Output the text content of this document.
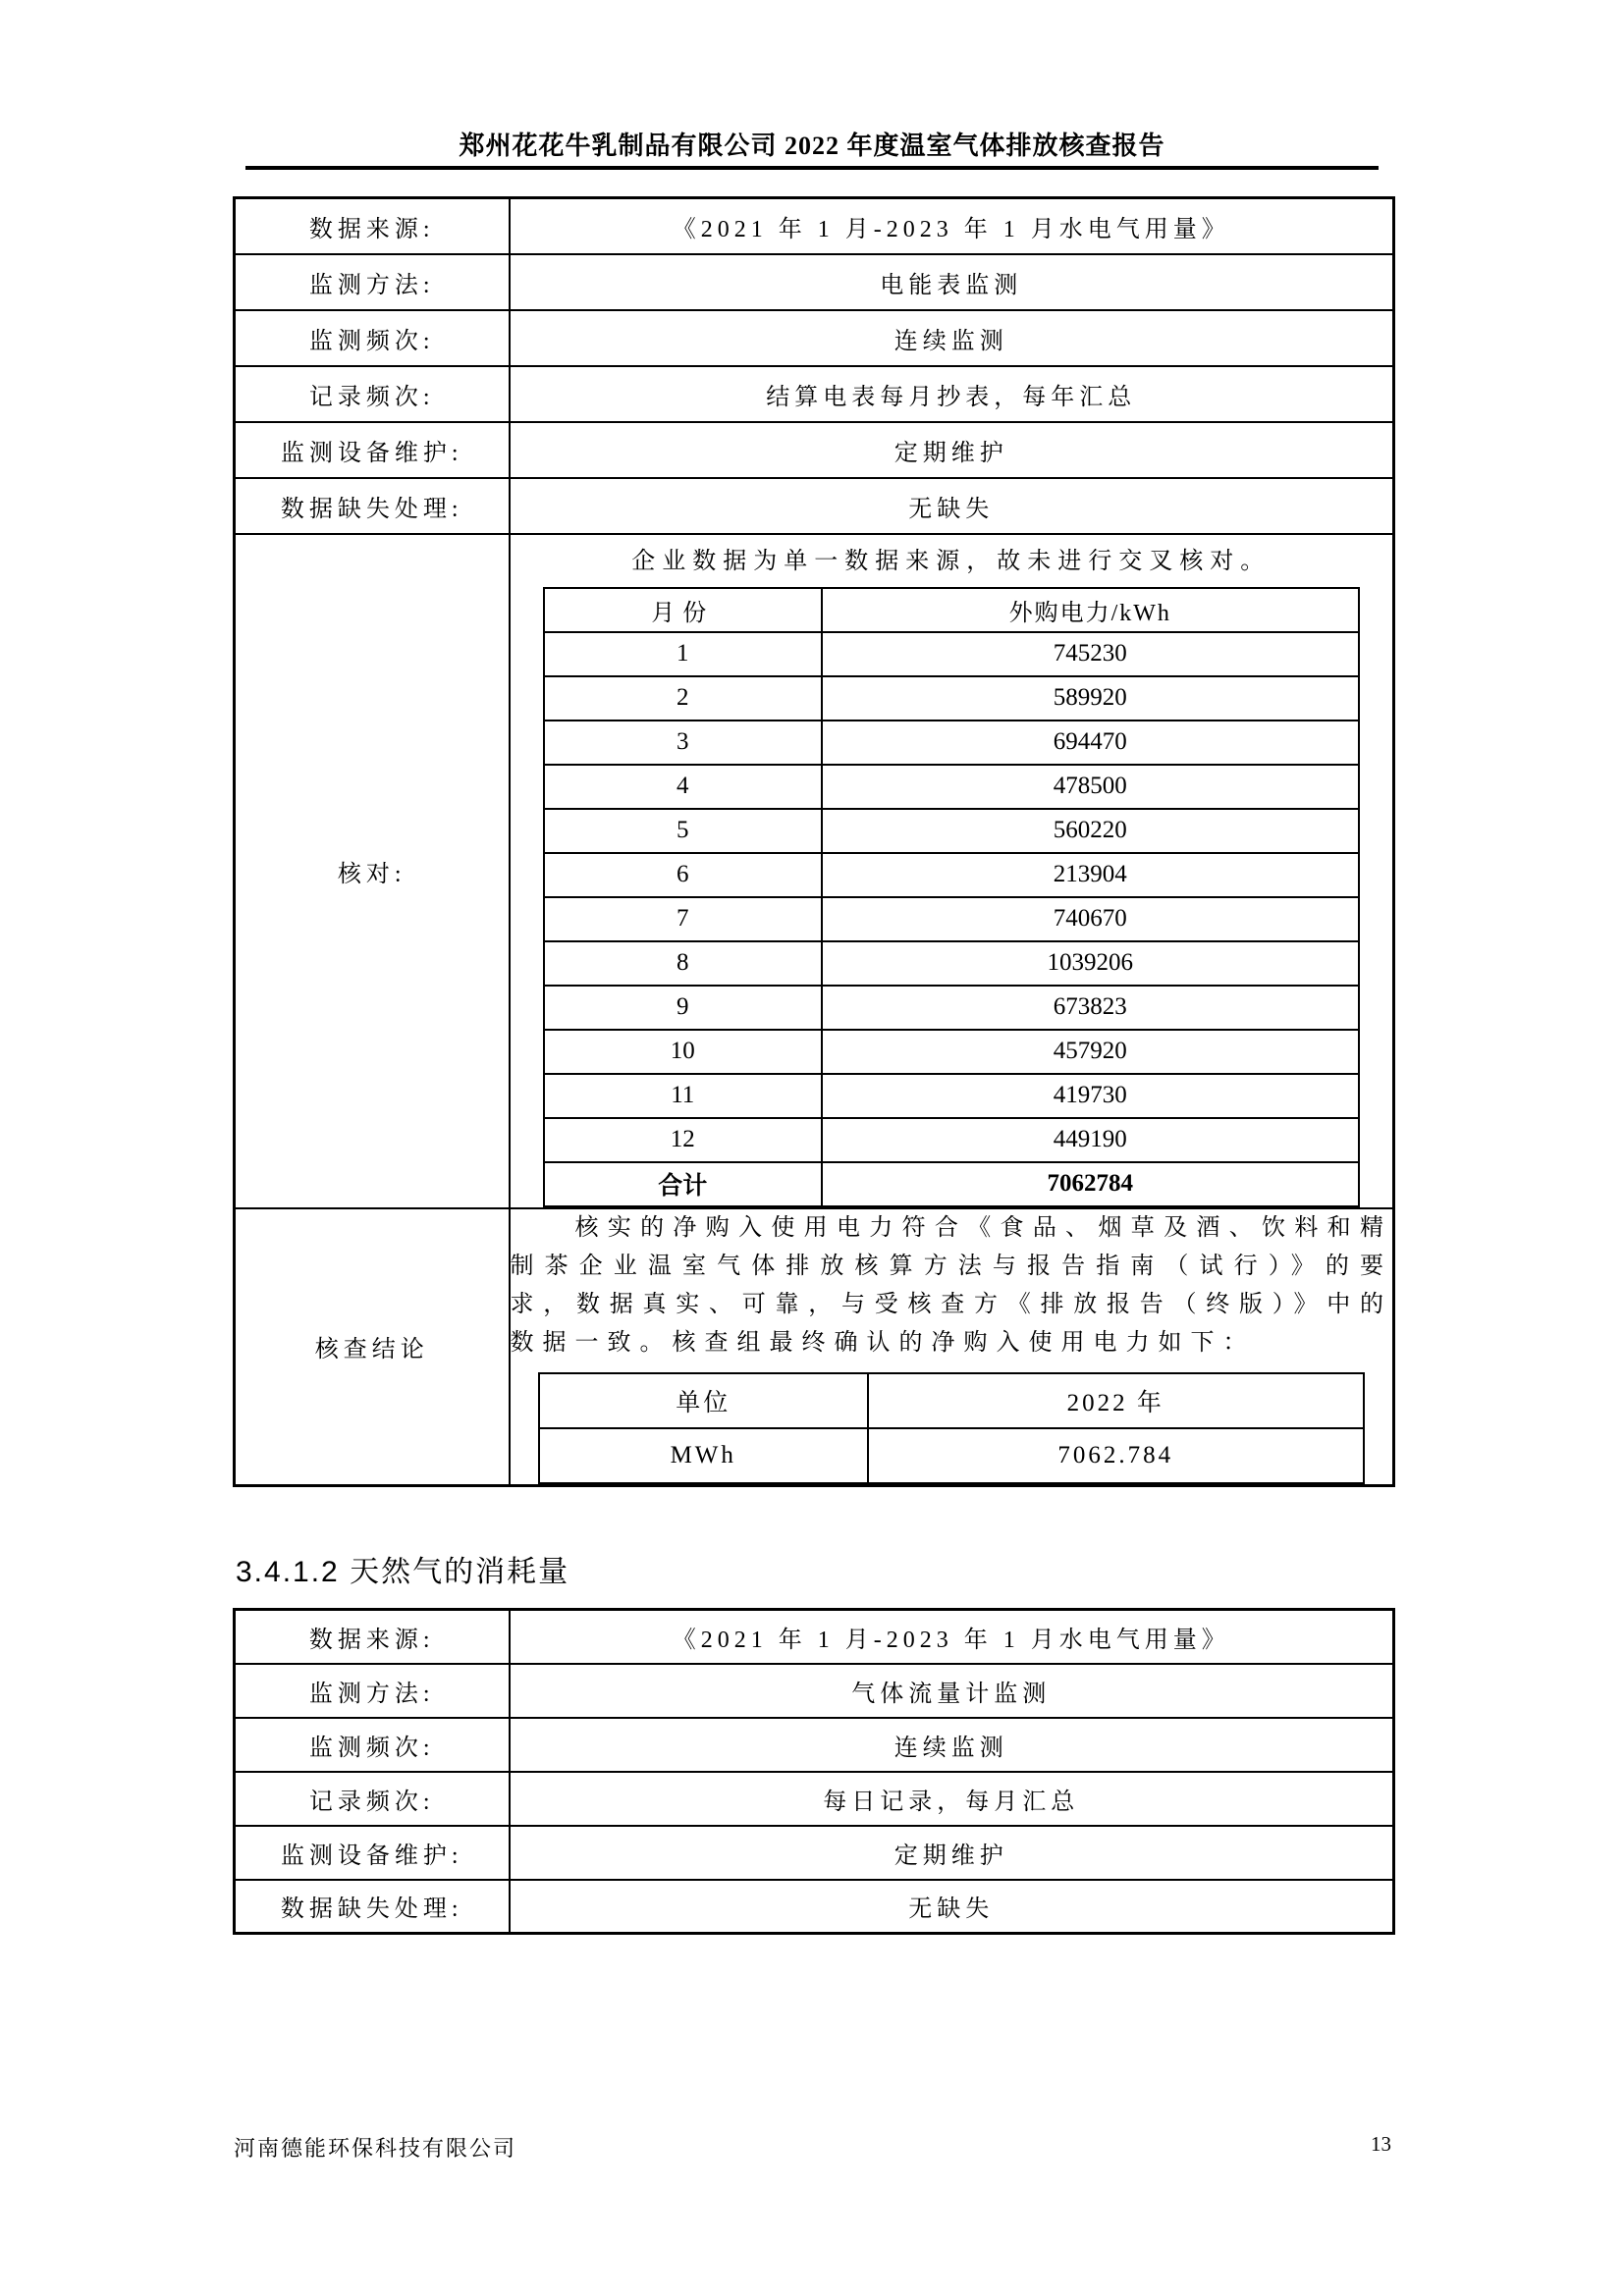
郑州花花牛乳制品有限公司 2022 年度温室气体排放核查报告
数据来源:	《2021 年 1 月-2023 年 1 月水电气用量》
监测方法:	电能表监测
监测频次:	连续监测
记录频次:	结算电表每月抄表，每年汇总
监测设备维护:	定期维护
数据缺失处理:	无缺失
核对:	
企业数据为单一数据来源，故未进行交叉核对。
月份	外购电力/kWh
1	745230
2	589920
3	694470
4	478500
5	560220
6	213904
7	740670
8	1039206
9	673823
10	457920
11	419730
12	449190
合计	7062784

核查结论	

核实的净购入使用电力符合《食品、烟草及酒、饮料和精制茶企业温室气体排放核算方法与报告指南（试行）》的要求，数据真实、可靠，与受核查方《排放报告（终版）》中的数据一致。核查组最终确认的净购入使用电力如下：

单位	2022 年
MWh	7062.784
3.4.1.2 天然气的消耗量
数据来源:	《2021 年 1 月-2023 年 1 月水电气用量》
监测方法:	气体流量计监测
监测频次:	连续监测
记录频次:	每日记录，每月汇总
监测设备维护:	定期维护
数据缺失处理:	无缺失
河南德能环保科技有限公司	13
